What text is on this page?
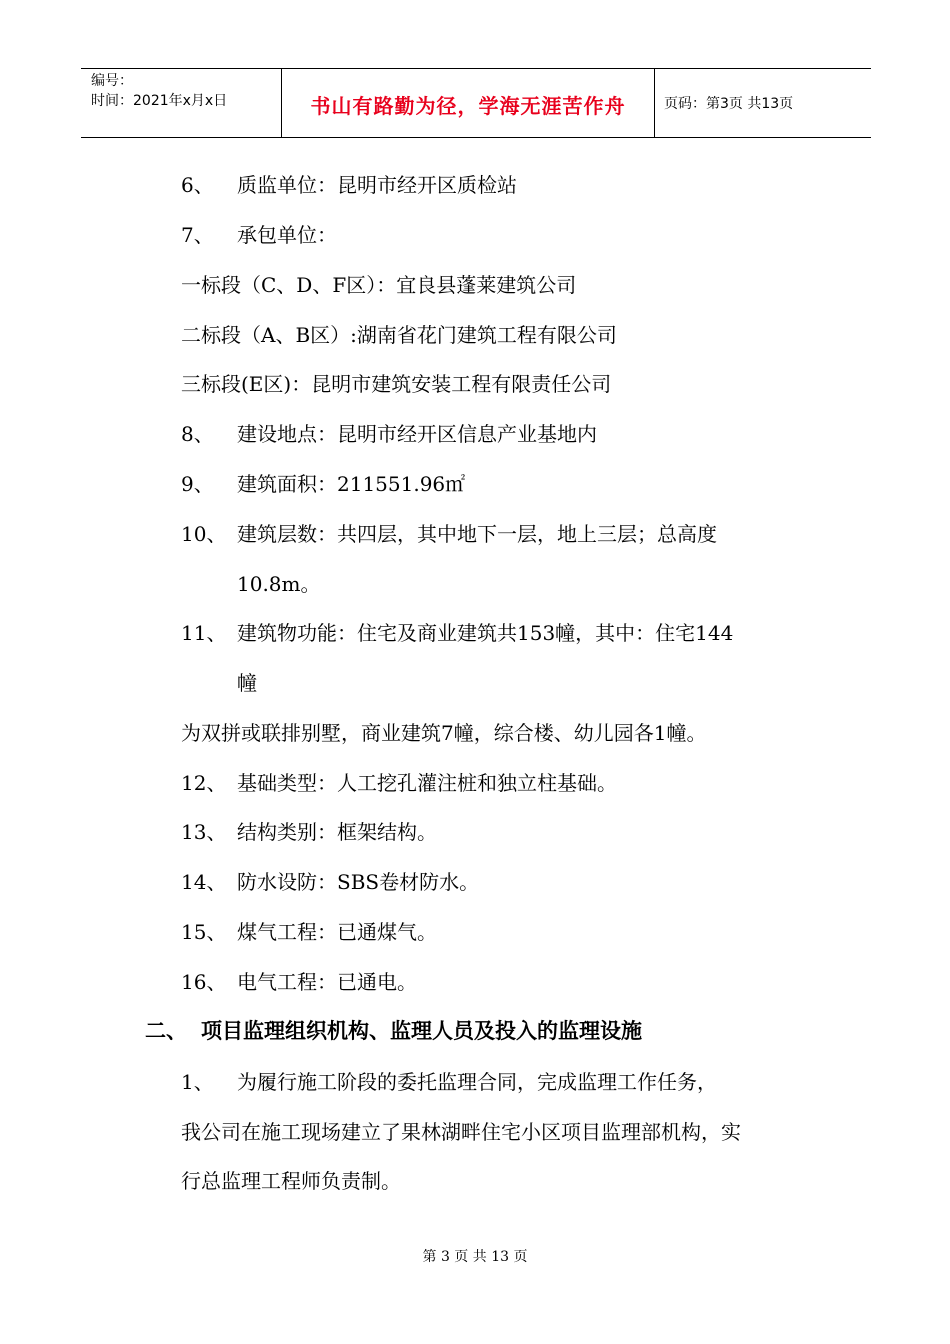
编号：
时间：2021年x月x日	书山有路勤为径，学海无涯苦作舟	页码：第3页 共13页
6、 质监单位：昆明市经开区质检站
7、 承包单位：
一标段（C、D、F区）：宜良县蓬莱建筑公司
二标段（A、B区）:湖南省花门建筑工程有限公司
三标段(E区)：昆明市建筑安装工程有限责任公司
8、 建设地点：昆明市经开区信息产业基地内
9、 建筑面积：211551.96㎡
10、 建筑层数：共四层，其中地下一层，地上三层；总高度
10.8m。
11、 建筑物功能：住宅及商业建筑共153幢，其中：住宅144
幢
为双拼或联排别墅，商业建筑7幢，综合楼、幼儿园各1幢。
12、 基础类型：人工挖孔灌注桩和独立柱基础。
13、 结构类别：框架结构。
14、 防水设防：SBS卷材防水。
15、 煤气工程：已通煤气。
16、 电气工程：已通电。
二、 项目监理组织机构、监理人员及投入的监理设施
1、 为履行施工阶段的委托监理合同，完成监理工作任务，
我公司在施工现场建立了果林湖畔住宅小区项目监理部机构，实
行总监理工程师负责制。
第 3 页 共 13 页
